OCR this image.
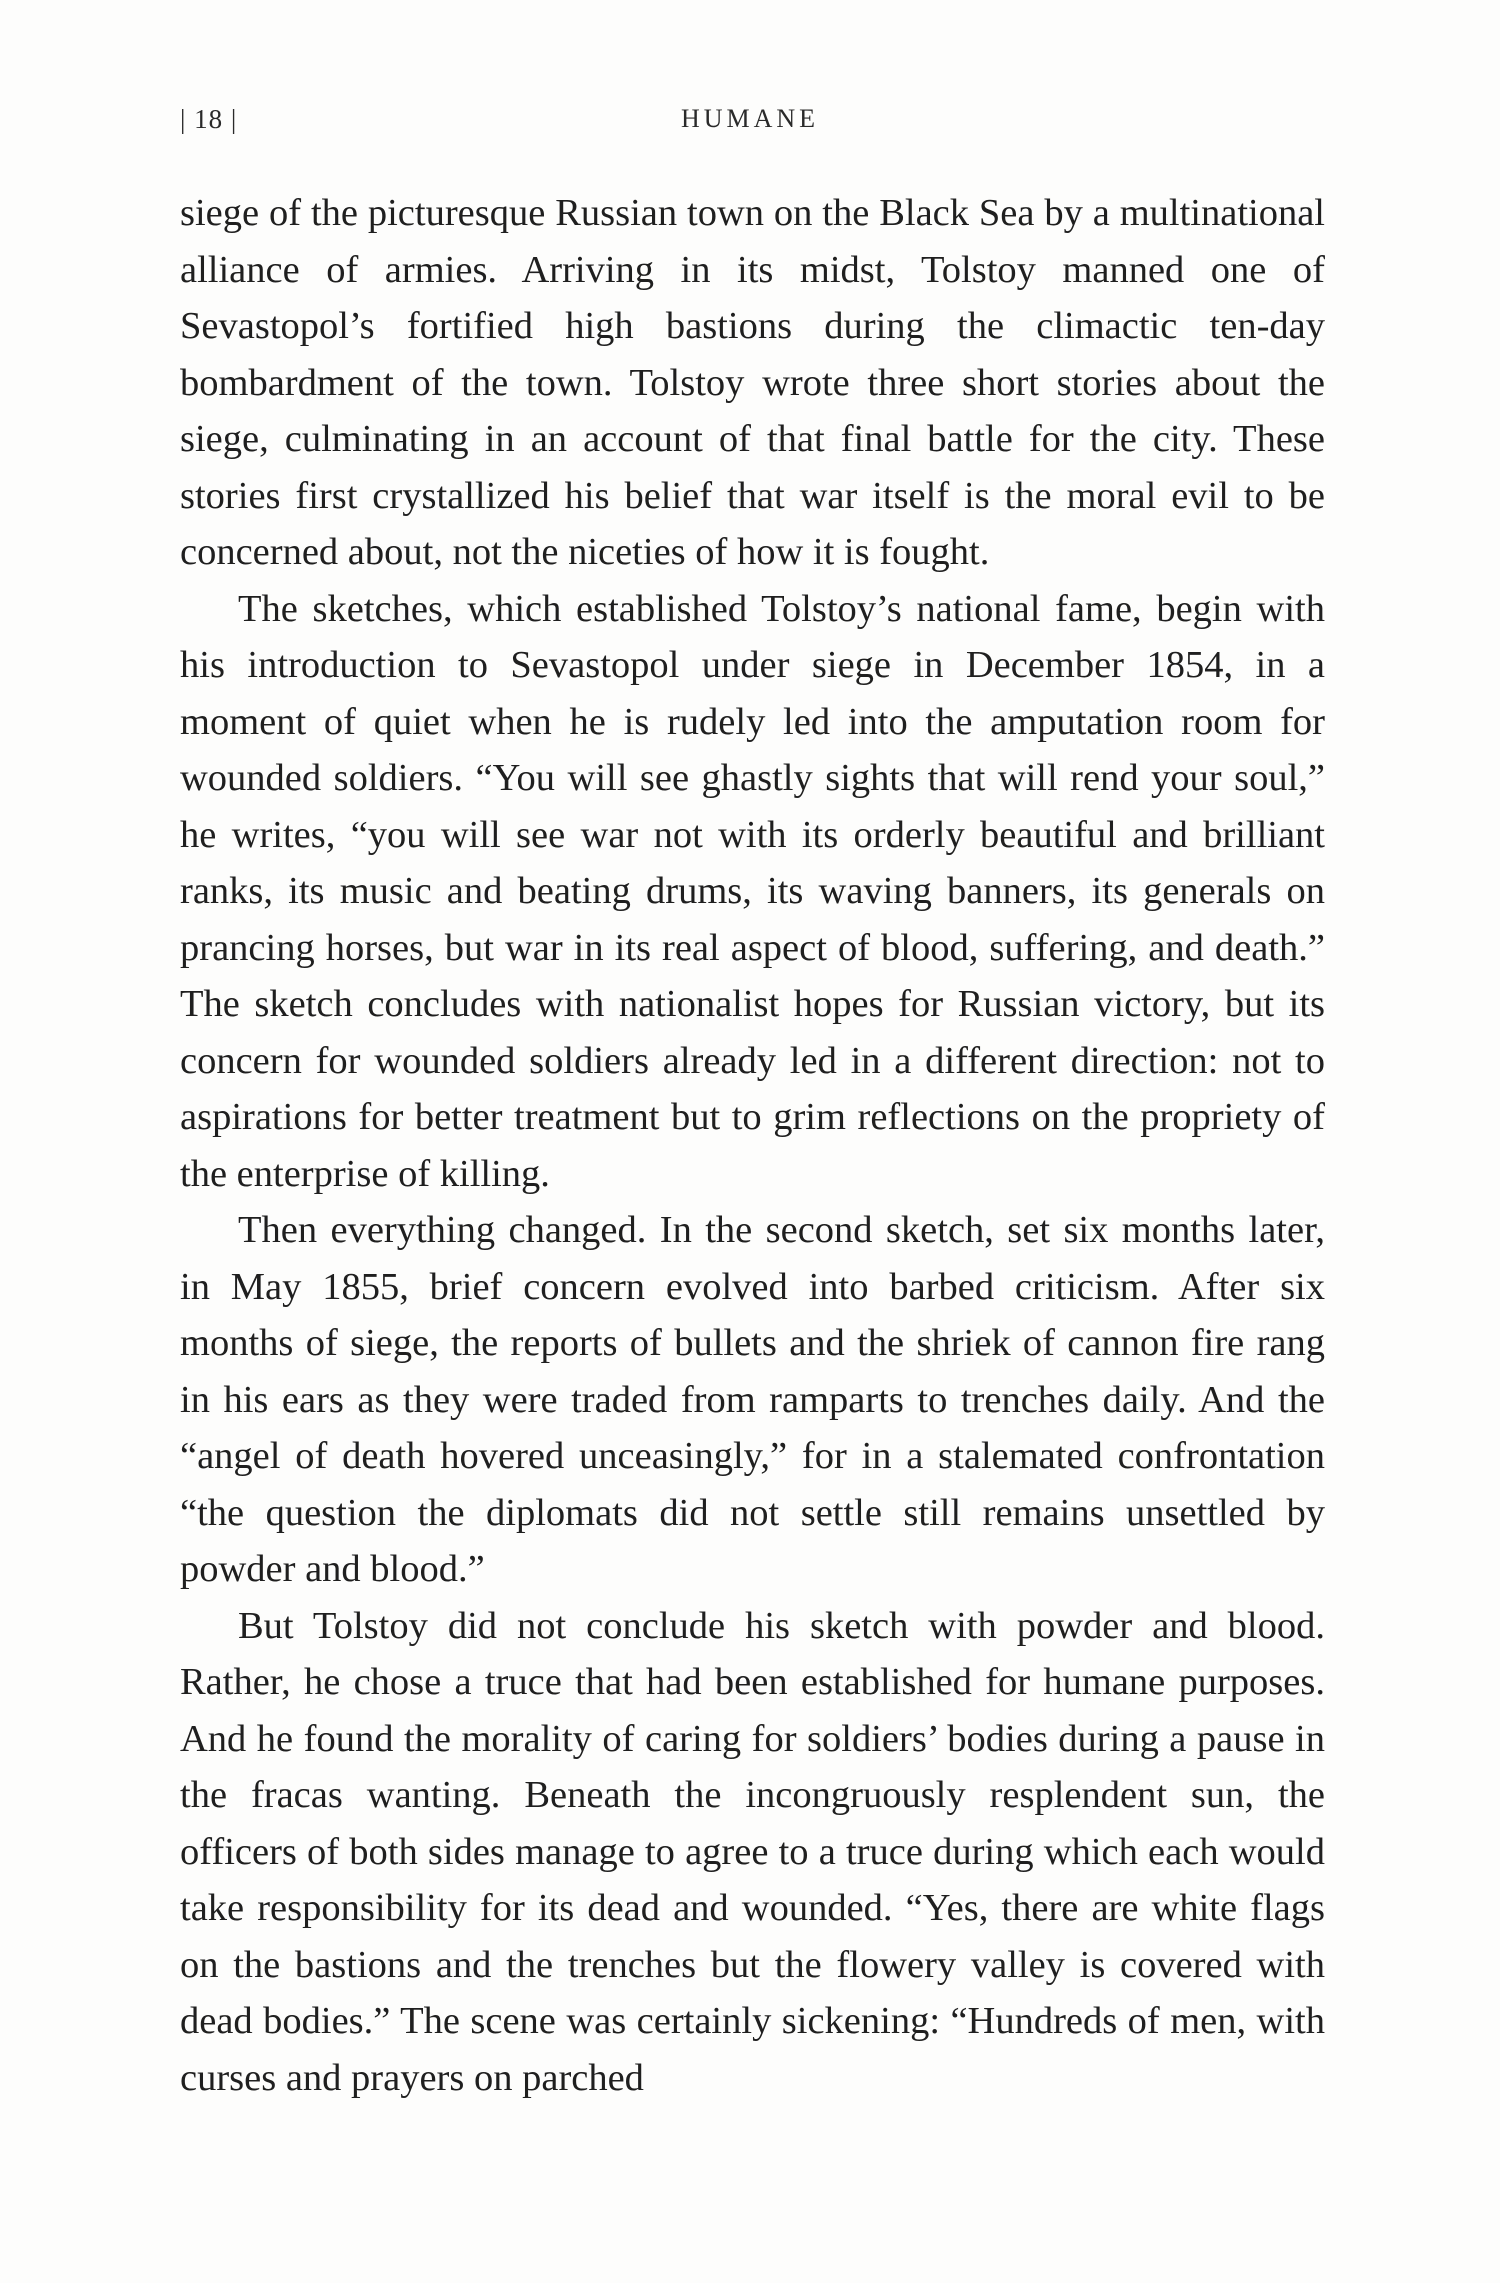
| 18 |	HUMANE

siege of the picturesque Russian town on the Black Sea by a multinational alliance of armies. Arriving in its midst, Tolstoy manned one of Sevastopol’s fortified high bastions during the climactic ten-day bombardment of the town. Tolstoy wrote three short stories about the siege, culminating in an account of that final battle for the city. These stories first crystallized his belief that war itself is the moral evil to be concerned about, not the niceties of how it is fought.

The sketches, which established Tolstoy’s national fame, begin with his introduction to Sevastopol under siege in December 1854, in a moment of quiet when he is rudely led into the amputation room for wounded soldiers. “You will see ghastly sights that will rend your soul,” he writes, “you will see war not with its orderly beautiful and brilliant ranks, its music and beating drums, its waving banners, its generals on prancing horses, but war in its real aspect of blood, suffering, and death.” The sketch concludes with nationalist hopes for Russian victory, but its concern for wounded soldiers already led in a different direction: not to aspirations for better treatment but to grim reflections on the propriety of the enterprise of killing.

Then everything changed. In the second sketch, set six months later, in May 1855, brief concern evolved into barbed criticism. After six months of siege, the reports of bullets and the shriek of cannon fire rang in his ears as they were traded from ramparts to trenches daily. And the “angel of death hovered unceasingly,” for in a stalemated confrontation “the question the diplomats did not settle still remains unsettled by powder and blood.”

But Tolstoy did not conclude his sketch with powder and blood. Rather, he chose a truce that had been established for humane purposes. And he found the morality of caring for soldiers’ bodies during a pause in the fracas wanting. Beneath the incongruously resplendent sun, the officers of both sides manage to agree to a truce during which each would take responsibility for its dead and wounded. “Yes, there are white flags on the bastions and the trenches but the flowery valley is covered with dead bodies.” The scene was certainly sickening: “Hundreds of men, with curses and prayers on parched
